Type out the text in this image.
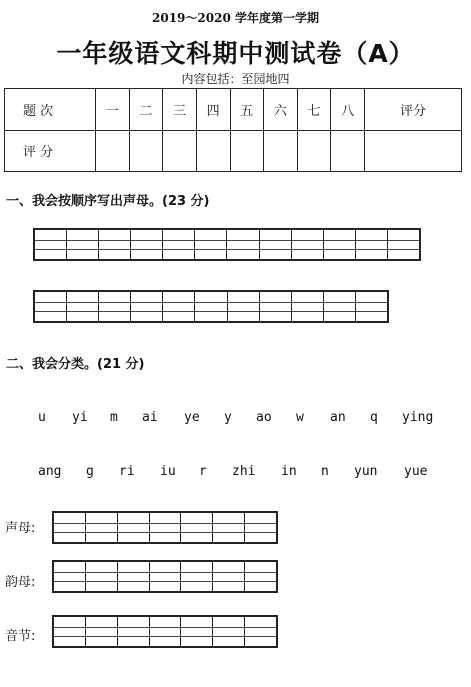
2019～2020 学年度第一学期
一年级语文科期中测试卷（A）
内容包括：至园地四
题 次	一	二	三	四	五	六	七	八	评分
评 分									
一、我会按顺序写出声母。(23 分)
二、我会分类。(21 分)
u yi m ai ye y ao w an q ying
ang g ri iu r zhi in n yun yue
声母:
韵母:
音节:
